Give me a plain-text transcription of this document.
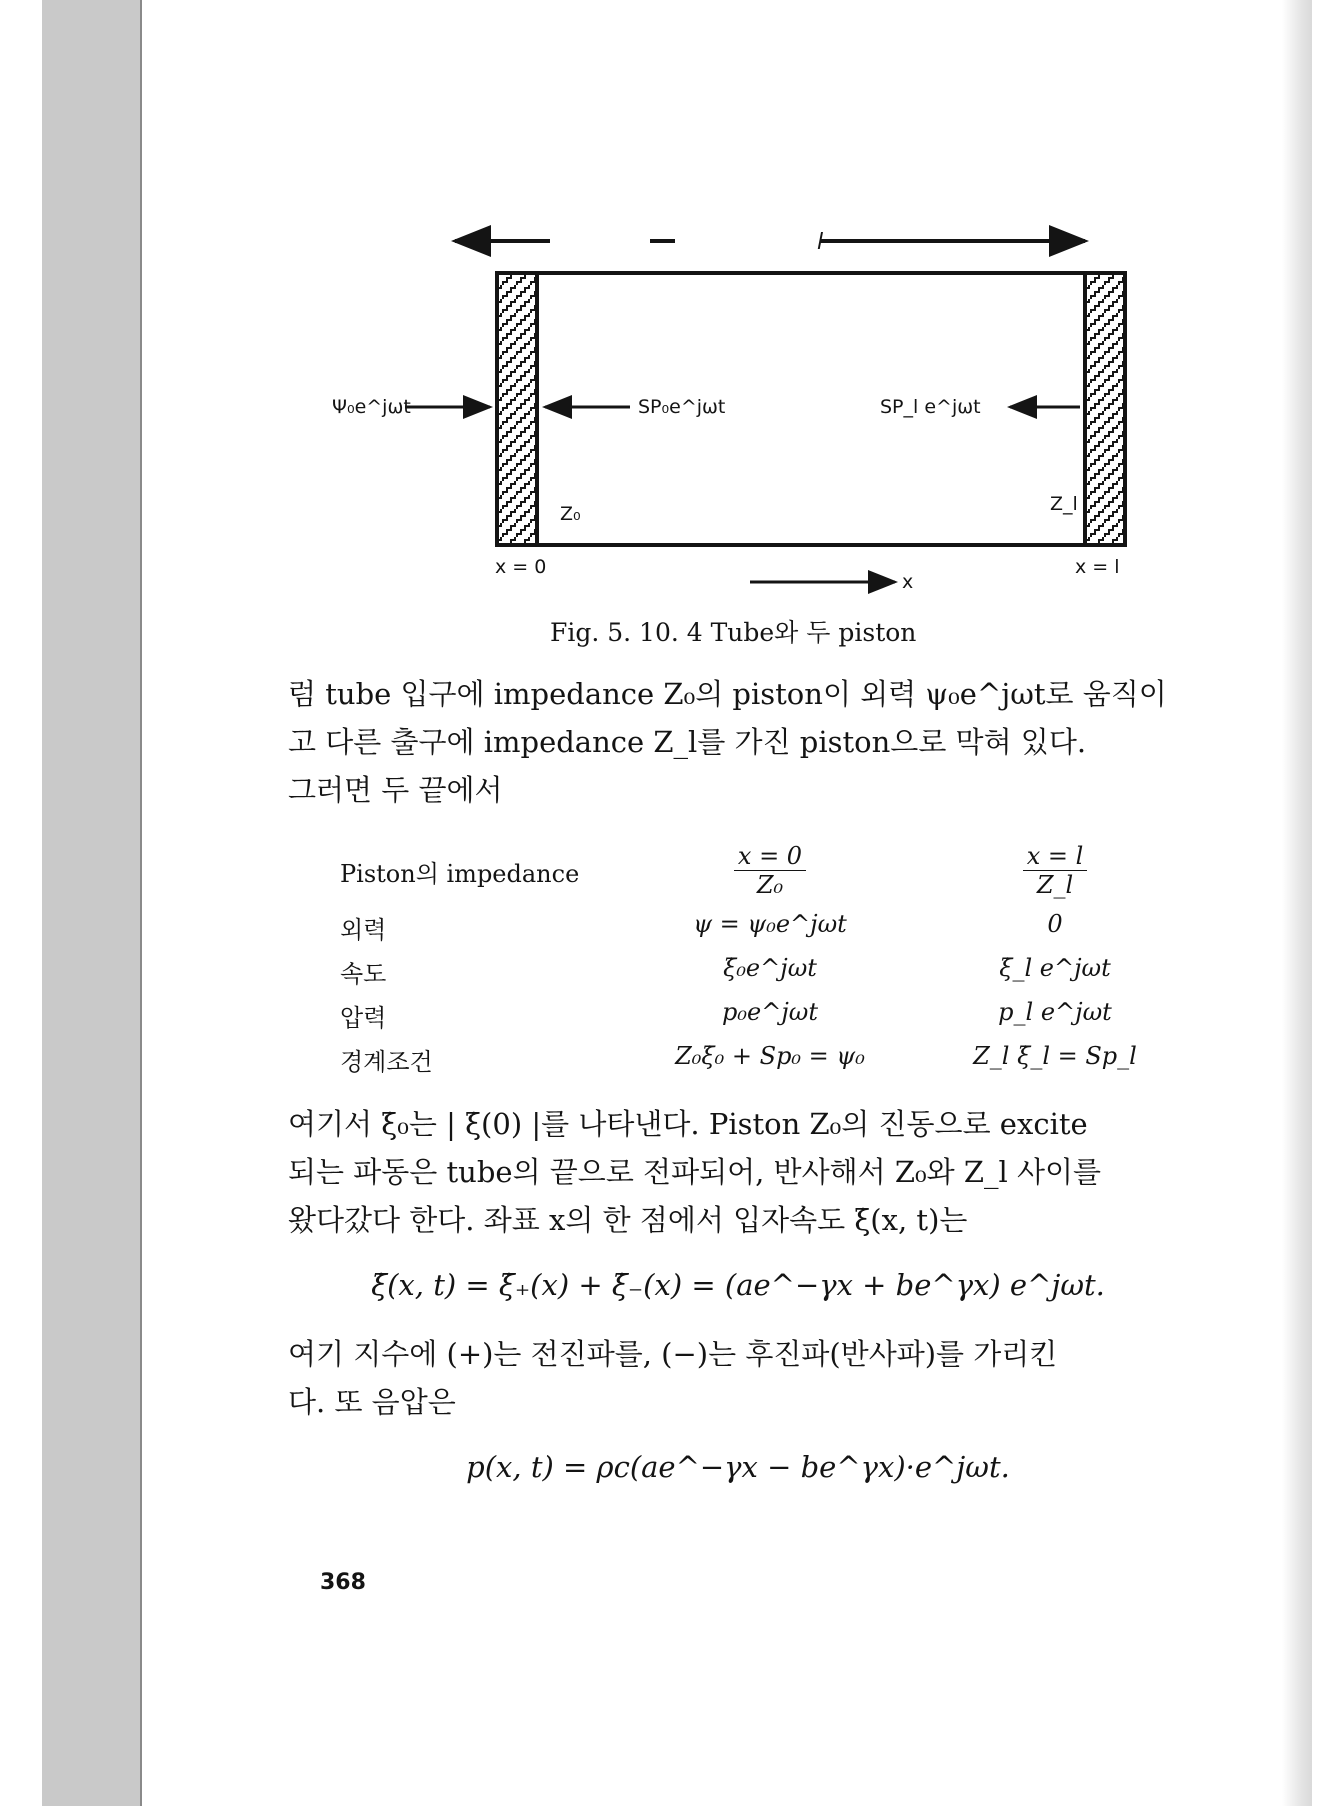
l
Ψ₀e^jωt	SP₀e^jωt	SP_l e^jωt
Z₀	Z_l
x = 0	x = l
x
Fig. 5. 10. 4 Tube와 두 piston

럼 tube 입구에 impedance Z₀의 piston이 외력 ψ₀e^jωt로 움직이

고 다른 출구에 impedance Z_l를 가진 piston으로 막혀 있다.

그러면 두 끝에서

Piston의 impedance	$\frac{x = 0}{\text{Z₀}}$	$\frac{x = l}{Z\_l}$
외력	ψ = ψ₀e^jωt	0
속도	ξ̇₀e^jωt	ξ̇_l e^jωt
압력	p₀e^jωt	p_l e^jωt
경계조건	Z₀ξ̇₀ + Sp₀ = ψ₀	Z_l ξ̇_l = Sp_l

여기서 ξ̇₀는 | ξ̇(0) |를 나타낸다. Piston Z₀의 진동으로 excite

되는 파동은 tube의 끝으로 전파되어, 반사해서 Z₀와 Z_l 사이를

왔다갔다 한다. 좌표 x의 한 점에서 입자속도 ξ̇(x, t)는

ξ̇(x, t) = ξ̇₊(x) + ξ̇₋(x) = (ae^−γx + be^γx) e^jωt.

여기 지수에 (+)는 전진파를, (−)는 후진파(반사파)를 가리킨

다. 또 음압은

p(x, t) = ρc(ae^−γx − be^γx)·e^jωt.
368
